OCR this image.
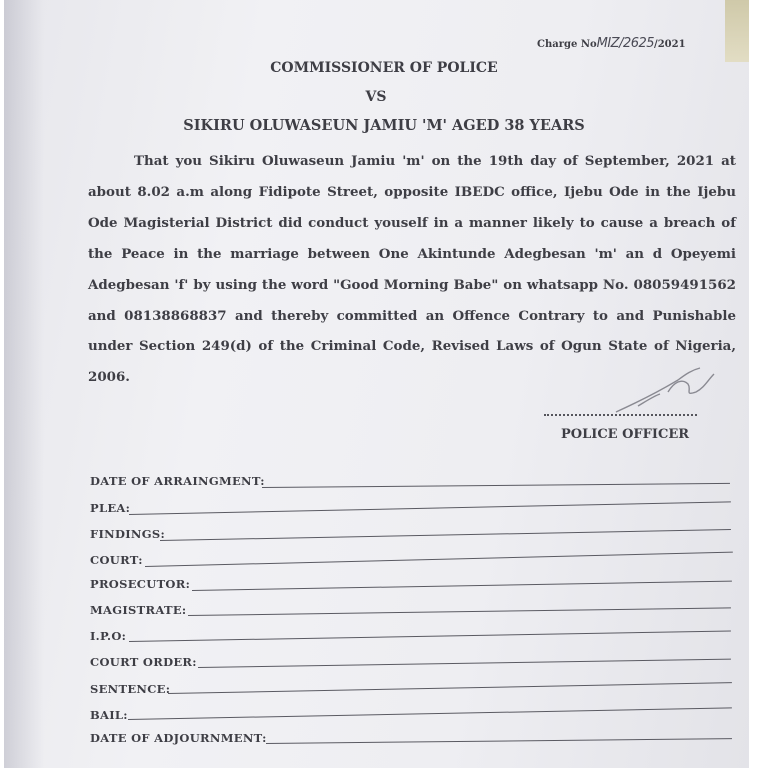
Charge NoMIZ/2625/2021
COMMISSIONER OF POLICE
VS
SIKIRU OLUWASEUN JAMIU 'M' AGED 38 YEARS

That you Sikiru Oluwaseun Jamiu 'm' on the 19th day of September, 2021 at about 8.02 a.m along Fidipote Street, opposite IBEDC office, Ijebu Ode in the Ijebu Ode Magisterial District did conduct youself in a manner likely to cause a breach of the Peace in the marriage between One Akintunde Adegbesan 'm' an d Opeyemi Adegbesan 'f' by using the word "Good Morning Babe" on whatsapp No. 08059491562 and 08138868837 and thereby committed an Offence Contrary to and Punishable under Section 249(d) of the Criminal Code, Revised Laws of Ogun State of Nigeria, 2006.

POLICE OFFICER
DATE OF ARRAINGMENT:
PLEA:
FINDINGS:
COURT:
PROSECUTOR:
MAGISTRATE:
I.P.O:
COURT ORDER:
SENTENCE:
BAIL:
DATE OF ADJOURNMENT:
